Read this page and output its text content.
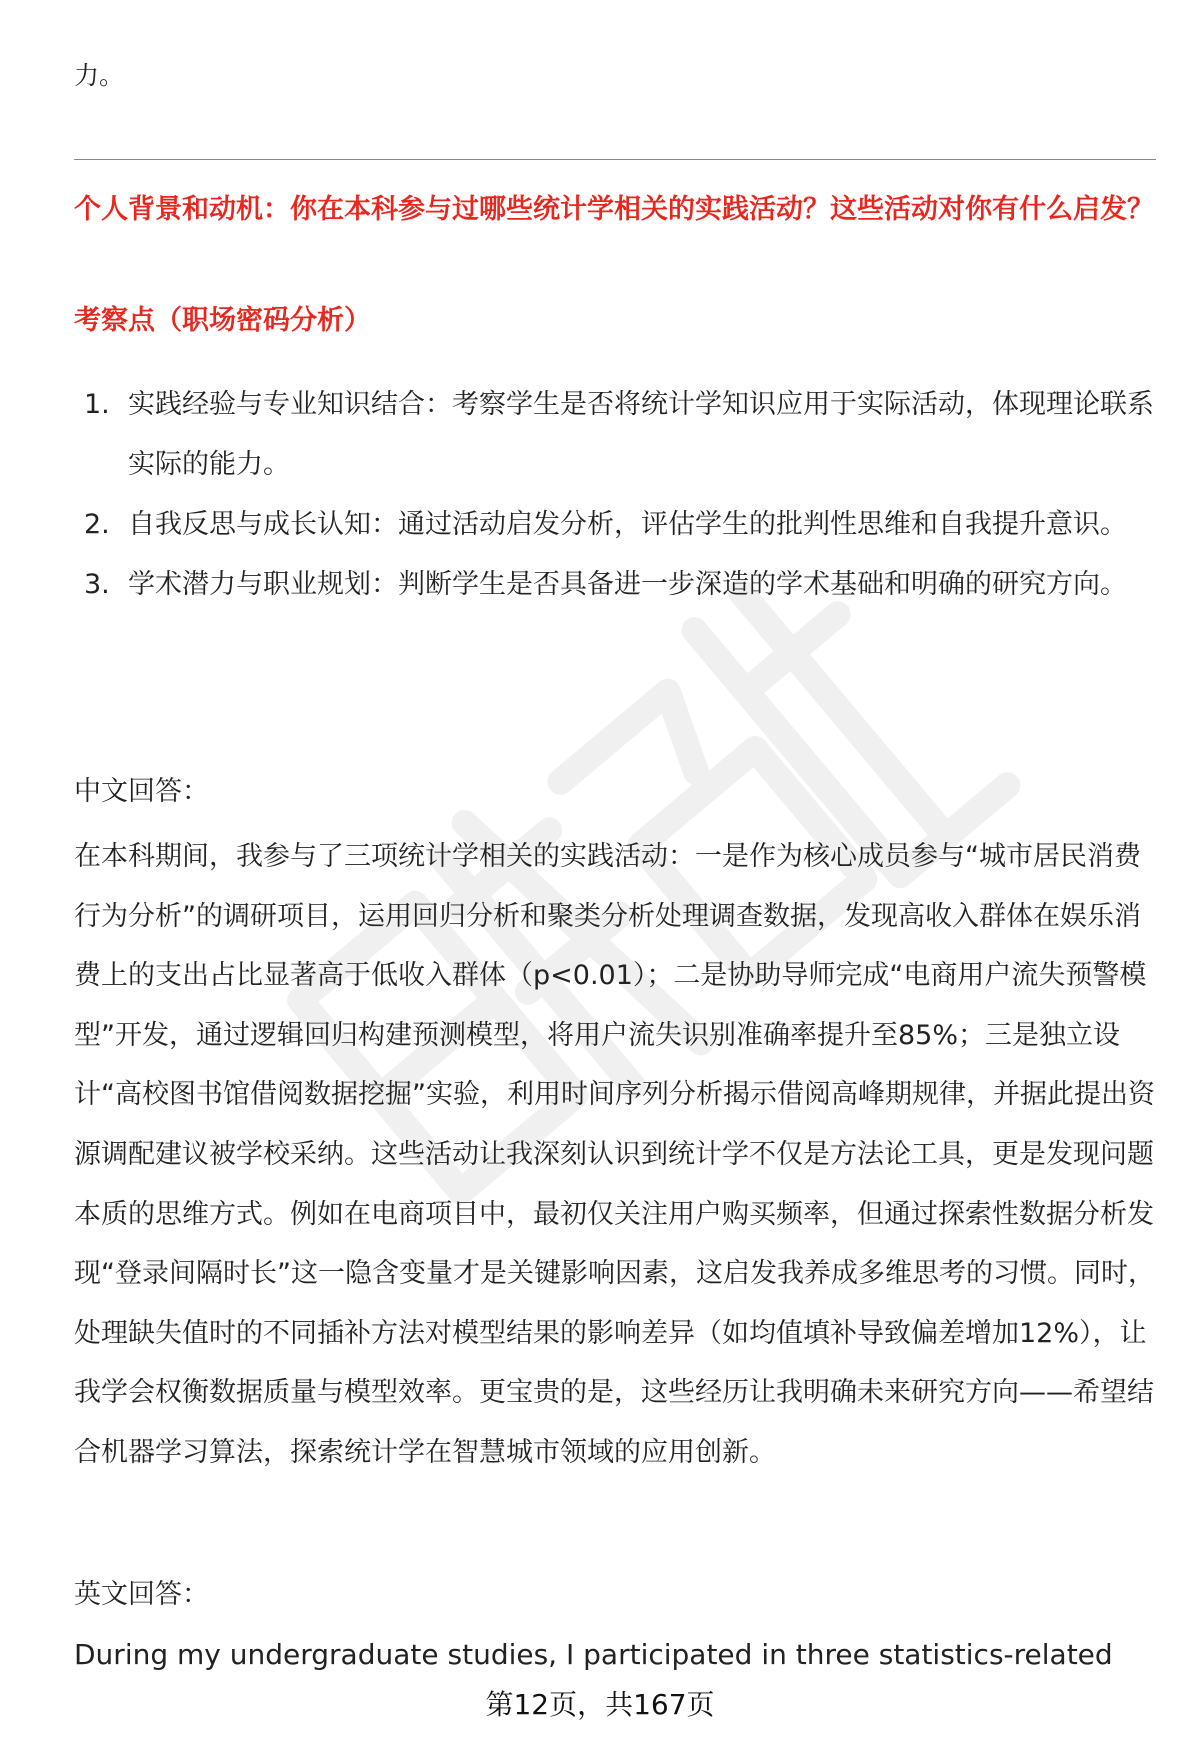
力。
个人背景和动机：你在本科参与过哪些统计学相关的实践活动？这些活动对你有什么启发？
考察点（职场密码分析）
1. 实践经验与专业知识结合：考察学生是否将统计学知识应用于实际活动，体现理论联系实际的能力。
2. 自我反思与成长认知：通过活动启发分析，评估学生的批判性思维和自我提升意识。
3. 学术潜力与职业规划：判断学生是否具备进一步深造的学术基础和明确的研究方向。

中文回答：

在本科期间，我参与了三项统计学相关的实践活动：一是作为核心成员参与“城市居民消费行为分析”的调研项目，运用回归分析和聚类分析处理调查数据，发现高收入群体在娱乐消费上的支出占比显著高于低收入群体（p<0.01）；二是协助导师完成“电商用户流失预警模型”开发，通过逻辑回归构建预测模型，将用户流失识别准确率提升至85%；三是独立设计“高校图书馆借阅数据挖掘”实验，利用时间序列分析揭示借阅高峰期规律，并据此提出资源调配建议被学校采纳。这些活动让我深刻认识到统计学不仅是方法论工具，更是发现问题本质的思维方式。例如在电商项目中，最初仅关注用户购买频率，但通过探索性数据分析发现“登录间隔时长”这一隐含变量才是关键影响因素，这启发我养成多维思考的习惯。同时，处理缺失值时的不同插补方法对模型结果的影响差异（如均值填补导致偏差增加12%），让我学会权衡数据质量与模型效率。更宝贵的是，这些经历让我明确未来研究方向——希望结合机器学习算法，探索统计学在智慧城市领域的应用创新。

英文回答：

During my undergraduate studies, I participated in three statistics-related

第12页，共167页
